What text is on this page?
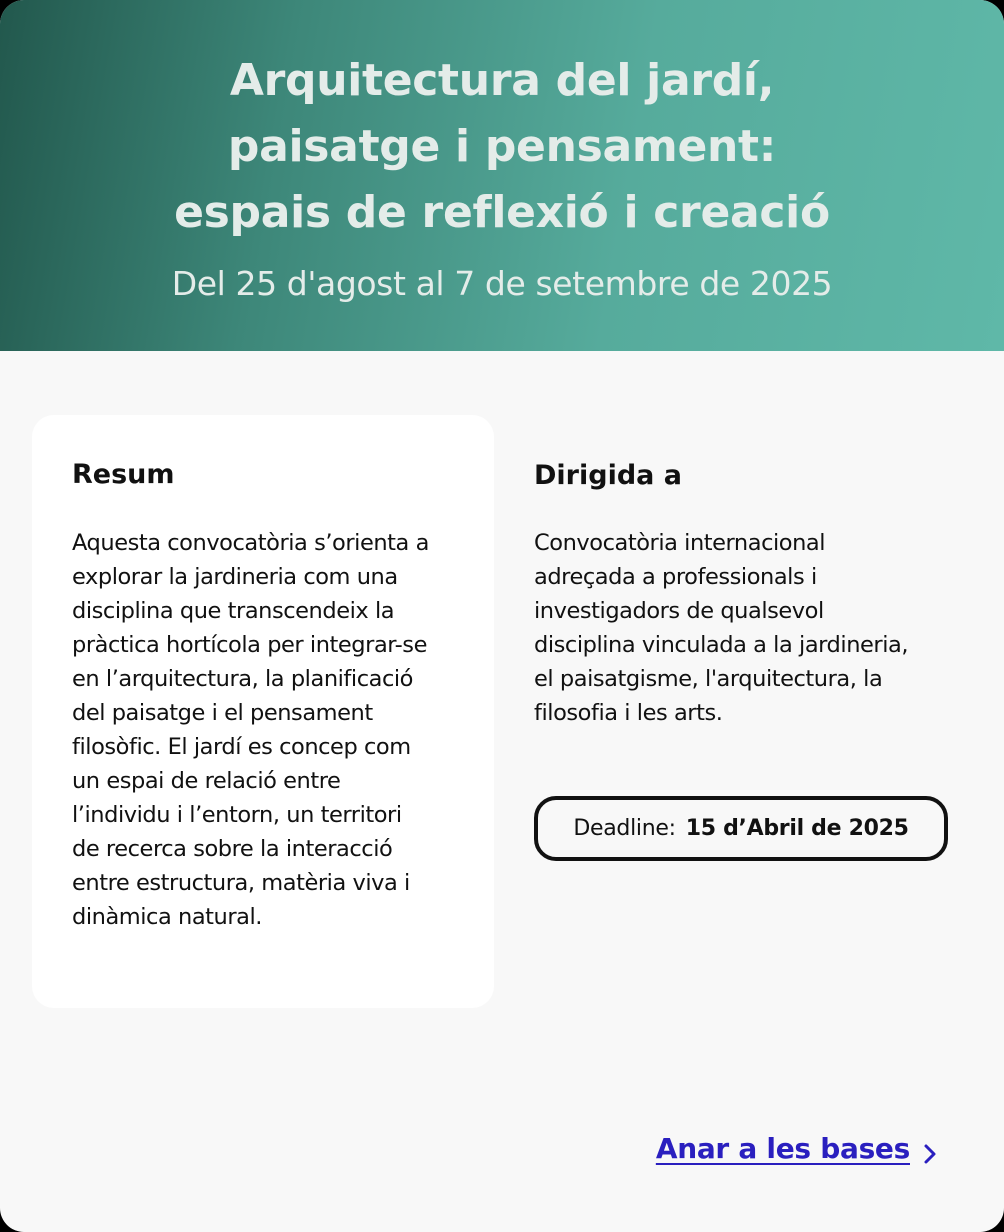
Arquitectura del jardí,
paisatge i pensament:
espais de reflexió i creació

Del 25 d'agost al 7 de setembre de 2025

Resum

Aquesta convocatòria s’orienta a
explorar la jardineria com una
disciplina que transcendeix la
pràctica hortícola per integrar-se
en l’arquitectura, la planificació
del paisatge i el pensament
filosòfic. El jardí es concep com
un espai de relació entre
l’individu i l’entorn, un territori
de recerca sobre la interacció
entre estructura, matèria viva i
dinàmica natural.

Dirigida a

Convocatòria internacional
adreçada a professionals i
investigadors de qualsevol
disciplina vinculada a la jardineria,
el paisatgisme, l'arquitectura, la
filosofia i les arts.

Deadline: 15 d’Abril de 2025
Anar a les bases
